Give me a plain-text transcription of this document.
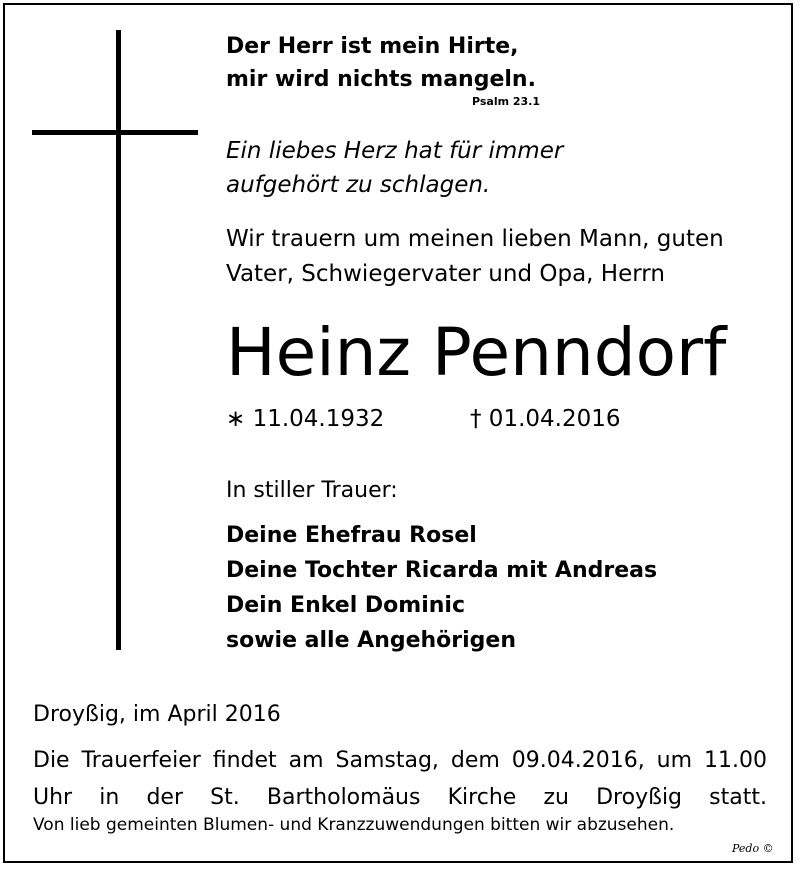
Der Herr ist mein Hirte,
mir wird nichts mangeln.
Psalm 23.1
Ein liebes Herz hat für immer
aufgehört zu schlagen.
Wir trauern um meinen lieben Mann, guten
Vater, Schwiegervater und Opa, Herrn
Heinz Penndorf
∗ 11.04.1932	† 01.04.2016
In stiller Trauer:
Deine Ehefrau Rosel
Deine Tochter Ricarda mit Andreas
Dein Enkel Dominic
sowie alle Angehörigen
Droyßig, im April 2016
Die Trauerfeier findet am Samstag, dem 09.04.2016, um 11.00 Uhr in der St. Bartholomäus Kirche zu Droyßig statt.
Von lieb gemeinten Blumen- und Kranzzuwendungen bitten wir abzusehen.
Pedo ©
